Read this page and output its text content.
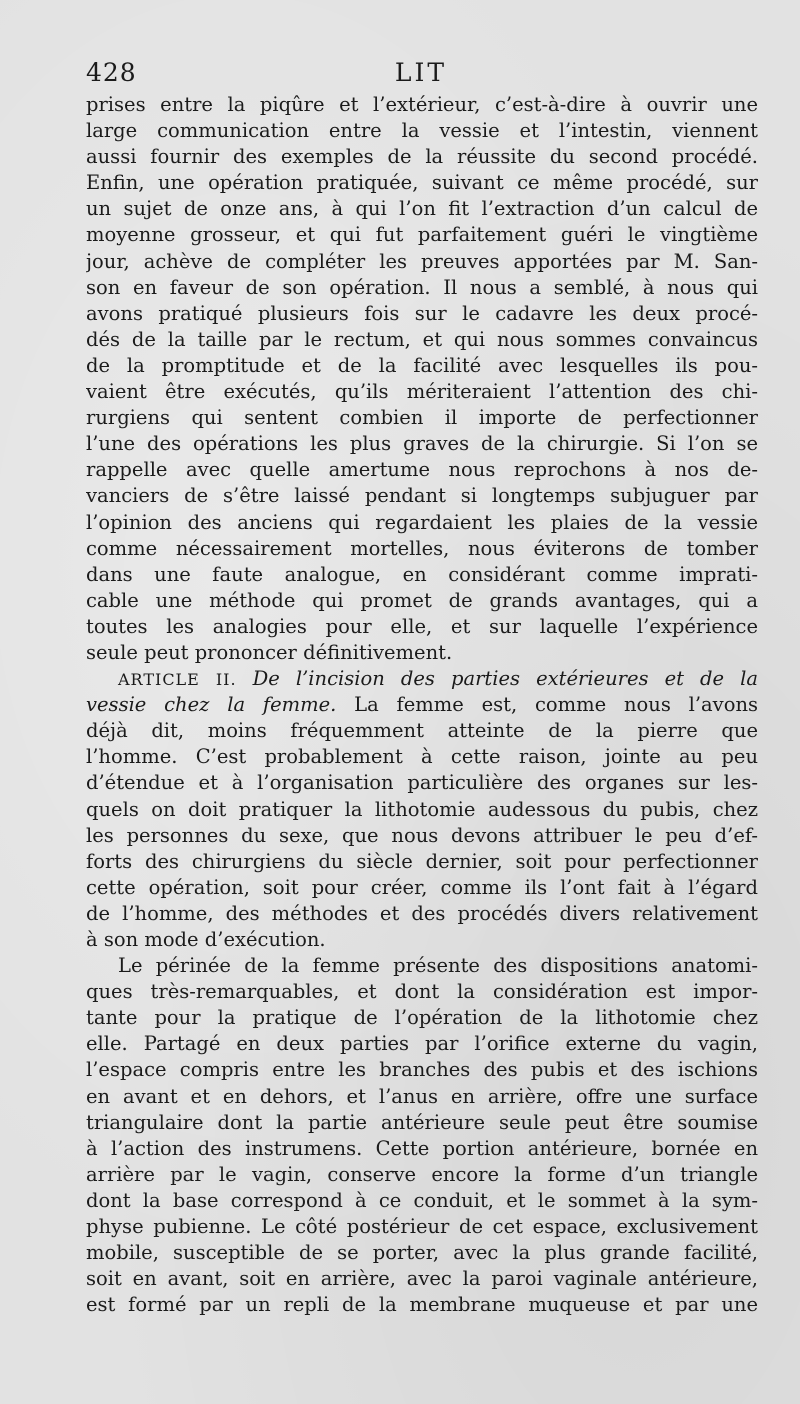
428	LIT
prises entre la piqûre et l’extérieur, c’est-à-dire à ouvrir une
large communication entre la vessie et l’intestin, viennent
aussi fournir des exemples de la réussite du second procédé.
Enfin, une opération pratiquée, suivant ce même procédé, sur
un sujet de onze ans, à qui l’on fit l’extraction d’un calcul de
moyenne grosseur, et qui fut parfaitement guéri le vingtième
jour, achève de compléter les preuves apportées par M. San-
son en faveur de son opération. Il nous a semblé, à nous qui
avons pratiqué plusieurs fois sur le cadavre les deux procé-
dés de la taille par le rectum, et qui nous sommes convaincus
de la promptitude et de la facilité avec lesquelles ils pou-
vaient être exécutés, qu’ils mériteraient l’attention des chi-
rurgiens qui sentent combien il importe de perfectionner
l’une des opérations les plus graves de la chirurgie. Si l’on se
rappelle avec quelle amertume nous reprochons à nos de-
vanciers de s’être laissé pendant si longtemps subjuguer par
l’opinion des anciens qui regardaient les plaies de la vessie
comme nécessairement mortelles, nous éviterons de tomber
dans une faute analogue, en considérant comme imprati-
cable une méthode qui promet de grands avantages, qui a
toutes les analogies pour elle, et sur laquelle l’expérience
seule peut prononcer définitivement.
ARTICLE II. De l’incision des parties extérieures et de la
vessie chez la femme. La femme est, comme nous l’avons
déjà dit, moins fréquemment atteinte de la pierre que
l’homme. C’est probablement à cette raison, jointe au peu
d’étendue et à l’organisation particulière des organes sur les-
quels on doit pratiquer la lithotomie audessous du pubis, chez
les personnes du sexe, que nous devons attribuer le peu d’ef-
forts des chirurgiens du siècle dernier, soit pour perfectionner
cette opération, soit pour créer, comme ils l’ont fait à l’égard
de l’homme, des méthodes et des procédés divers relativement
à son mode d’exécution.
Le périnée de la femme présente des dispositions anatomi-
ques très-remarquables, et dont la considération est impor-
tante pour la pratique de l’opération de la lithotomie chez
elle. Partagé en deux parties par l’orifice externe du vagin,
l’espace compris entre les branches des pubis et des ischions
en avant et en dehors, et l’anus en arrière, offre une surface
triangulaire dont la partie antérieure seule peut être soumise
à l’action des instrumens. Cette portion antérieure, bornée en
arrière par le vagin, conserve encore la forme d’un triangle
dont la base correspond à ce conduit, et le sommet à la sym-
physe pubienne. Le côté postérieur de cet espace, exclusivement
mobile, susceptible de se porter, avec la plus grande facilité,
soit en avant, soit en arrière, avec la paroi vaginale antérieure,
est formé par un repli de la membrane muqueuse et par une
